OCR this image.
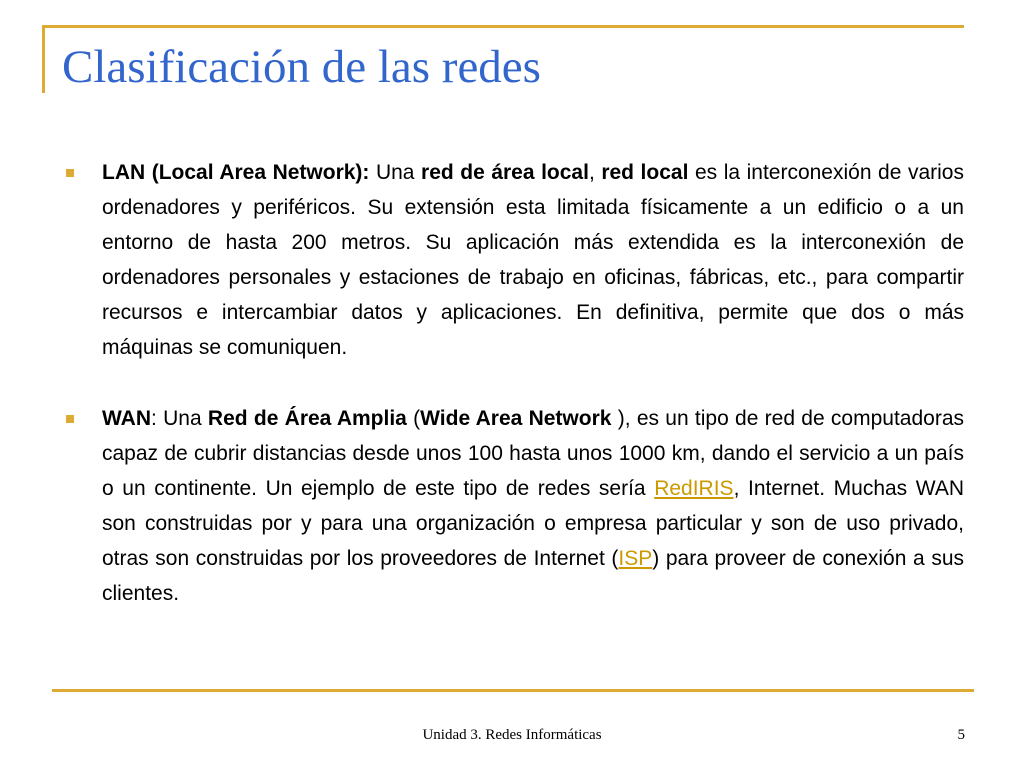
Clasificación de las redes

LAN (Local Area Network): Una red de área local, red local es la interconexión de varios ordenadores y periféricos. Su extensión esta limitada físicamente a un edificio o a un entorno de hasta 200 metros. Su aplicación más extendida es la interconexión de ordenadores personales y estaciones de trabajo en oficinas, fábricas, etc., para compartir recursos e intercambiar datos y aplicaciones. En definitiva, permite que dos o más máquinas se comuniquen.

WAN: Una Red de Área Amplia (Wide Area Network ), es un tipo de red de computadoras capaz de cubrir distancias desde unos 100 hasta unos 1000 km, dando el servicio a un país o un continente. Un ejemplo de este tipo de redes sería RedIRIS, Internet. Muchas WAN son construidas por y para una organización o empresa particular y son de uso privado, otras son construidas por los proveedores de Internet (ISP) para proveer de conexión a sus clientes.

Unidad 3. Redes Informáticas	5
